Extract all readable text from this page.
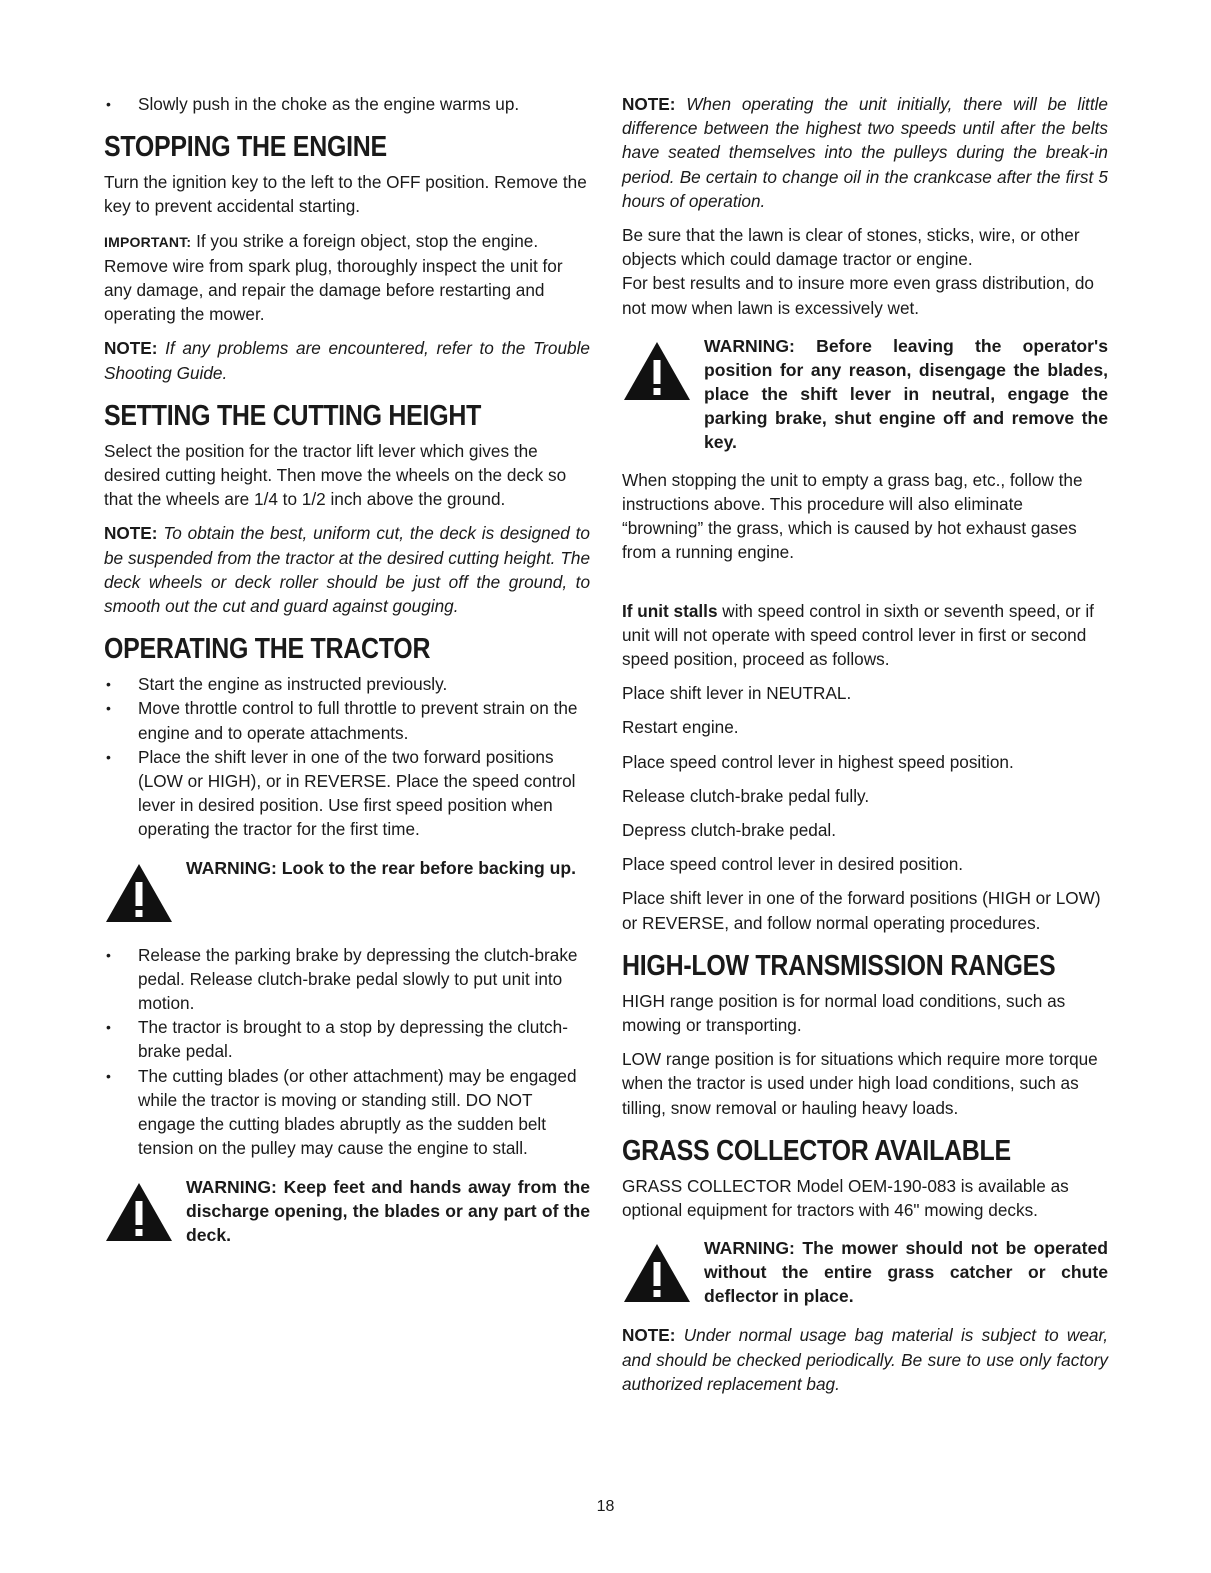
• Slowly push in the choke as the engine warms up.
STOPPING THE ENGINE

Turn the ignition key to the left to the OFF position. Remove the key to prevent accidental starting.

IMPORTANT: If you strike a foreign object, stop the engine. Remove wire from spark plug, thoroughly inspect the unit for any damage, and repair the damage before restarting and operating the mower.

NOTE: If any problems are encountered, refer to the Trouble Shooting Guide.

SETTING THE CUTTING HEIGHT

Select the position for the tractor lift lever which gives the desired cutting height. Then move the wheels on the deck so that the wheels are 1/4 to 1/2 inch above the ground.

NOTE: To obtain the best, uniform cut, the deck is designed to be suspended from the tractor at the desired cutting height. The deck wheels or deck roller should be just off the ground, to smooth out the cut and guard against gouging.

OPERATING THE TRACTOR
• Start the engine as instructed previously.
• Move throttle control to full throttle to prevent strain on the engine and to operate attachments.
• Place the shift lever in one of the two forward positions (LOW or HIGH), or in REVERSE. Place the speed control lever in desired position. Use first speed position when operating the tractor for the first time.
WARNING: Look to the rear before backing up.
• Release the parking brake by depressing the clutch-brake pedal. Release clutch-brake pedal slowly to put unit into motion.
• The tractor is brought to a stop by depressing the clutch-brake pedal.
• The cutting blades (or other attachment) may be engaged while the tractor is moving or standing still. DO NOT engage the cutting blades abruptly as the sudden belt tension on the pulley may cause the engine to stall.
WARNING: Keep feet and hands away from the discharge opening, the blades or any part of the deck.

NOTE: When operating the unit initially, there will be little difference between the highest two speeds until after the belts have seated themselves into the pulleys during the break-in period. Be certain to change oil in the crankcase after the first 5 hours of operation.

Be sure that the lawn is clear of stones, sticks, wire, or other objects which could damage tractor or engine.

For best results and to insure more even grass distribution, do not mow when lawn is excessively wet.

WARNING: Before leaving the operator's position for any reason, disengage the blades, place the shift lever in neutral, engage the parking brake, shut engine off and remove the key.

When stopping the unit to empty a grass bag, etc., follow the instructions above. This procedure will also eliminate “browning” the grass, which is caused by hot exhaust gases from a running engine.

If unit stalls with speed control in sixth or seventh speed, or if unit will not operate with speed control lever in first or second speed position, proceed as follows.

Place shift lever in NEUTRAL.

Restart engine.

Place speed control lever in highest speed position.

Release clutch-brake pedal fully.

Depress clutch-brake pedal.

Place speed control lever in desired position.

Place shift lever in one of the forward positions (HIGH or LOW) or REVERSE, and follow normal operating procedures.

HIGH-LOW TRANSMISSION RANGES

HIGH range position is for normal load conditions, such as mowing or transporting.

LOW range position is for situations which require more torque when the tractor is used under high load conditions, such as tilling, snow removal or hauling heavy loads.

GRASS COLLECTOR AVAILABLE

GRASS COLLECTOR Model OEM-190-083 is available as optional equipment for tractors with 46" mowing decks.

WARNING: The mower should not be operated without the entire grass catcher or chute deflector in place.

NOTE: Under normal usage bag material is subject to wear, and should be checked periodically. Be sure to use only factory authorized replacement bag.

18
